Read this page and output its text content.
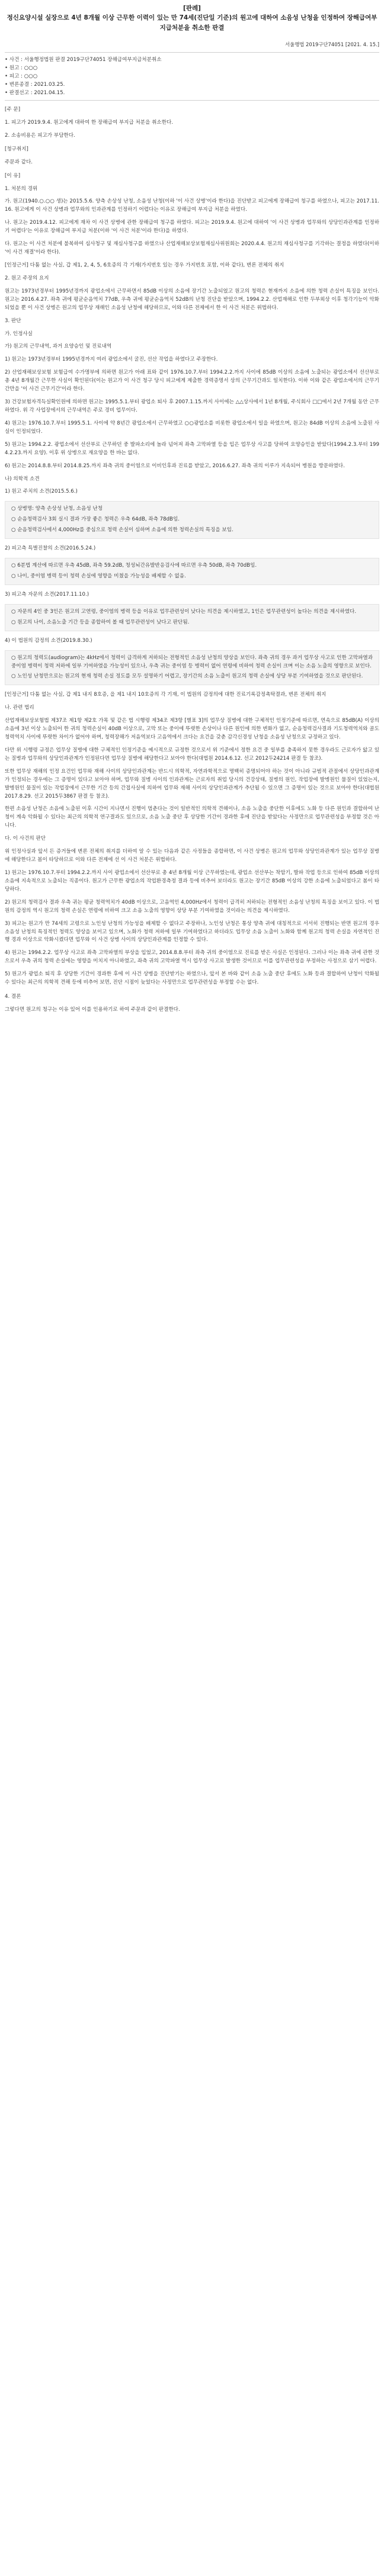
[판례]
정신요양시설 실장으로 4년 8개월 이상 근무한 이력이 있는 만 74세(진단일 기준)의 원고에 대하여 소음성 난청을 인정하여 장해급여부지급처분을 취소한 판결
서울행법 2019구단74051 [2021. 4. 15.]

• 사건 : 서울행정법원 판결 2019구단74051 장해급여부지급처분취소

• 원고 : ○○○

• 피고 : ○○○

• 변론종결 : 2021.03.25.

• 판결선고 : 2021.04.15.

[주 문]

1. 피고가 2019.9.4. 원고에게 대하여 한 장해급여 부지급 처분을 취소한다.

2. 소송비용은 피고가 부담한다.

[청구취지]

주문과 같다.

[이 유]

1. 처분의 경위

가. 원고(1940.○.○○ 생)는 2015.5.6. 양측 손상성 난청, 소음성 난청(이하 '이 사건 상병'이라 한다)을 진단받고 피고에게 장해급여 청구를 하였으나, 피고는 2017.11.16. 원고에게 이 사건 상병과 업무와의 인과관계를 인정하기 어렵다는 이유로 장해급여 부지급 처분을 하였다.

나. 원고는 2019.4.12. 피고에게 재차 이 사건 상병에 관한 장해급여 청구를 하였다. 피고는 2019.9.4. 원고에 대하여 '이 사건 상병과 업무와의 상당인과관계를 인정하기 어렵다'는 이유로 장해급여 부지급 처분(이하 '이 사건 처분'이라 한다)을 하였다.

다. 원고는 이 사건 처분에 불복하여 심사청구 및 재심사청구를 하였으나 산업재해보상보험재심사위원회는 2020.4.4. 원고의 재심사청구를 기각하는 결정을 하였다(이하 '이 사건 재결'이라 한다).

[인정근거] 다툼 없는 사실, 갑 제1, 2, 4, 5, 6호증의 각 기재(가지번호 있는 경우 가지번호 포함, 이하 같다), 변론 전체의 취지

2. 원고 주장의 요지

원고는 1973년경부터 1995년경까지 광업소에서 근무하면서 85dB 이상의 소음에 장기간 노출되었고 원고의 청력은 현재까지 소음에 의한 청력 손실이 특징을 보인다. 원고는 2016.4.27. 좌측 귀에 평균순음역치 77dB, 우측 귀에 평균순음역치 52dB의 난청 진단을 받았으며, 1994.2.2. 산업재해로 인한 두부외상 이후 청각기능이 악화되었을 뿐 이 사건 상병은 원고의 업무상 재해인 소음성 난청에 해당하므로, 이와 다른 전제에서 한 이 사건 처분은 위법하다.

3. 판단

가. 인정사실

가) 원고의 근무내역, 과거 요양승인 및 진료내역

1) 원고는 1973년경부터 1995년경까지 여러 광업소에서 굴진, 선산 작업을 하였다고 주장한다.

2) 산업재해보상보험 보험급여 수가명부에 의하면 원고가 아래 표와 같이 1976.10.7.부터 1994.2.2.까지 사이에 85dB 이상의 소음에 노출되는 광업소에서 선산부로 총 4년 8개월간 근무한 사실이 확인된다(이는 원고가 이 사건 청구 당시 피고에게 제출한 경력증명서 상의 근무기간과도 일치한다). 이하 이와 같은 광업소에서의 근무기간만을 '이 사건 근무기간'이라 한다.

3) 건강보험자격득실확인원에 의하면 원고는 1995.5.1.부터 광업소 퇴사 후 2007.1.15.까지 사이에는 △△상사에서 1년 8개월, 주식회사 □□에서 2년 7개월 동안 근무하였다. 위 각 사업장에서의 근무내역은 주로 경비 업무이다.

4) 원고는 1976.10.7.부터 1995.5.1. 사이에 약 8년간 광업소에서 근무하였고 ○○광업소를 비롯한 광업소에서 일을 하였으며, 원고는 84dB 이상의 소음에 노출된 사실이 인정되었다.

5) 원고는 1994.2.2. 광업소에서 선산부로 근무하던 중 발파소리에 놀라 넘어져 좌측 고막파열 등을 입은 업무상 사고를 당하여 요양승인을 받았다(1994.2.3.부터 1994.2.23.까지 요양). 이후 위 상병으로 재요양을 한 바는 없다.

6) 원고는 2014.8.8.부터 2014.8.25.까지 좌측 귀의 중이염으로 이비인후과 진료를 받았고, 2016.6.27. 좌측 귀의 이루가 지속되어 병원을 방문하였다.

나) 의학적 소견

1) 원고 주치의 소견(2015.5.6.)

○ 상병명: 양측 손상성 난청, 소음성 난청

○ 순음청력검사 3회 실시 결과 가장 좋은 청력은 우측 64dB, 좌측 78dB임.

○ 순음청력검사에서 4,000Hz를 중심으로 청력 손실이 심하며 소음에 의한 청력손실의 특징을 보임.

2) 피고측 특별진찰의 소견(2016.5.24.)

○ 6분법 계산에 따르면 우측 45dB, 좌측 59.2dB, 청성뇌간유발반응검사에 따르면 우측 50dB, 좌측 70dB임.

○ 나이, 중이염 병력 등이 청력 손실에 영향을 미쳤을 가능성을 배제할 수 없음.

3) 피고측 자문의 소견(2017.11.10.)

○ 자문의 4인 중 3인은 원고의 고연령, 중이염의 병력 등을 이유로 업무관련성이 낮다는 의견을 제시하였고, 1인은 업무관련성이 높다는 의견을 제시하였다.

○ 원고의 나이, 소음노출 기간 등을 종합하여 볼 때 업무관련성이 낮다고 판단됨.

4) 이 법원의 감정의 소견(2019.8.30.)

○ 원고의 청력도(audiogram)는 4kHz에서 청력이 급격하게 저하되는 전형적인 소음성 난청의 양상을 보인다. 좌측 귀의 경우 과거 업무상 사고로 인한 고막파열과 중이염 병력이 청력 저하에 일부 기여하였을 가능성이 있으나, 우측 귀는 중이염 등 병력이 없어 연령에 비하여 청력 손실이 크며 이는 소음 노출의 영향으로 보인다.

○ 노인성 난청만으로는 원고의 현재 청력 손실 정도를 모두 설명하기 어렵고, 장기간의 소음 노출이 원고의 청력 손실에 상당 부분 기여하였을 것으로 판단된다.

[인정근거] 다툼 없는 사실, 갑 제1 내지 8호증, 을 제1 내지 10호증의 각 기재, 이 법원의 감정의에 대한 진료기록감정촉탁결과, 변론 전체의 취지

나. 관련 법리

산업재해보상보험법 제37조 제1항 제2호 가목 및 같은 법 시행령 제34조 제3항 [별표 3]의 업무상 질병에 대한 구체적인 인정기준에 따르면, 연속으로 85dB(A) 이상의 소음에 3년 이상 노출되어 한 귀의 청력손실이 40dB 이상으로, 고막 또는 중이에 뚜렷한 손상이나 다른 원인에 의한 변화가 없고, 순음청력검사결과 기도청력역치와 골도청력역치 사이에 뚜렷한 차이가 없어야 하며, 청력장해가 저음역보다 고음역에서 크다는 요건을 갖춘 감각신경성 난청을 소음성 난청으로 규정하고 있다.

다만 위 시행령 규정은 업무상 질병에 대한 구체적인 인정기준을 예시적으로 규정한 것으로서 위 기준에서 정한 요건 중 일부를 충족하지 못한 경우라도 근로자가 앓고 있는 질병과 업무와의 상당인과관계가 인정된다면 업무상 질병에 해당한다고 보아야 한다(대법원 2014.6.12. 선고 2012두24214 판결 등 참조).

또한 업무상 재해의 인정 요건인 업무와 재해 사이의 상당인과관계는 반드시 의학적, 자연과학적으로 명백히 증명되어야 하는 것이 아니라 규범적 관점에서 상당인과관계가 인정되는 경우에는 그 증명이 있다고 보아야 하며, 업무와 질병 사이의 인과관계는 근로자의 취업 당시의 건강상태, 질병의 원인, 작업장에 발병원인 물질이 있었는지, 발병원인 물질이 있는 작업장에서 근무한 기간 등의 간접사실에 의하여 업무와 재해 사이의 상당인과관계가 추단될 수 있으면 그 증명이 있는 것으로 보아야 한다(대법원 2017.8.29. 선고 2015두3867 판결 등 참조).

한편 소음성 난청은 소음에 노출된 이후 시간이 지나면서 진행이 멈춘다는 것이 일반적인 의학적 견해이나, 소음 노출을 중단한 이후에도 노화 등 다른 원인과 결합하여 난청이 계속 악화될 수 있다는 최근의 의학적 연구결과도 있으므로, 소음 노출 중단 후 상당한 기간이 경과한 후에 진단을 받았다는 사정만으로 업무관련성을 부정할 것은 아니다.

다. 이 사건의 판단

위 인정사실과 앞서 든 증거들에 변론 전체의 취지를 더하여 알 수 있는 다음과 같은 사정들을 종합하면, 이 사건 상병은 원고의 업무와 상당인과관계가 있는 업무상 질병에 해당한다고 봄이 타당하므로 이와 다른 전제에 선 이 사건 처분은 위법하다.

1) 원고는 1976.10.7.부터 1994.2.2.까지 사이 광업소에서 선산부로 총 4년 8개월 이상 근무하였는데, 광업소 선산부는 착암기, 발파 작업 등으로 인하여 85dB 이상의 소음에 지속적으로 노출되는 직종이다. 원고가 근무한 광업소의 작업환경측정 결과 등에 비추어 보더라도 원고는 장기간 85dB 이상의 강한 소음에 노출되었다고 봄이 타당하다.

2) 원고의 청력검사 결과 우측 귀는 평균 청력역치가 40dB 이상으로, 고음역인 4,000Hz에서 청력이 급격히 저하되는 전형적인 소음성 난청의 특징을 보이고 있다. 이 법원의 감정의 역시 원고의 청력 손실은 연령에 비하여 크고 소음 노출의 영향이 상당 부분 기여하였을 것이라는 의견을 제시하였다.

3) 피고는 원고가 만 74세의 고령으로 노인성 난청의 가능성을 배제할 수 없다고 주장하나, 노인성 난청은 통상 양측 귀에 대칭적으로 서서히 진행되는 반면 원고의 경우 소음성 난청의 특징적인 청력도 양상을 보이고 있으며, 노화가 청력 저하에 일부 기여하였다고 하더라도 업무상 소음 노출이 노화와 함께 원고의 청력 손실을 자연적인 진행 경과 이상으로 악화시켰다면 업무와 이 사건 상병 사이의 상당인과관계를 인정할 수 있다.

4) 원고는 1994.2.2. 업무상 사고로 좌측 고막파열의 부상을 입었고, 2014.8.8.부터 좌측 귀의 중이염으로 진료를 받은 사실은 인정된다. 그러나 이는 좌측 귀에 관한 것으로서 우측 귀의 청력 손실에는 영향을 미치지 아니하였고, 좌측 귀의 고막파열 역시 업무상 사고로 발생한 것이므로 이를 업무관련성을 부정하는 사정으로 삼기 어렵다.

5) 원고가 광업소 퇴직 후 상당한 기간이 경과한 후에 이 사건 상병을 진단받기는 하였으나, 앞서 본 바와 같이 소음 노출 중단 후에도 노화 등과 결합하여 난청이 악화될 수 있다는 최근의 의학적 견해 등에 비추어 보면, 진단 시점이 늦었다는 사정만으로 업무관련성을 부정할 수는 없다.

4. 결론

그렇다면 원고의 청구는 이유 있어 이를 인용하기로 하여 주문과 같이 판결한다.
